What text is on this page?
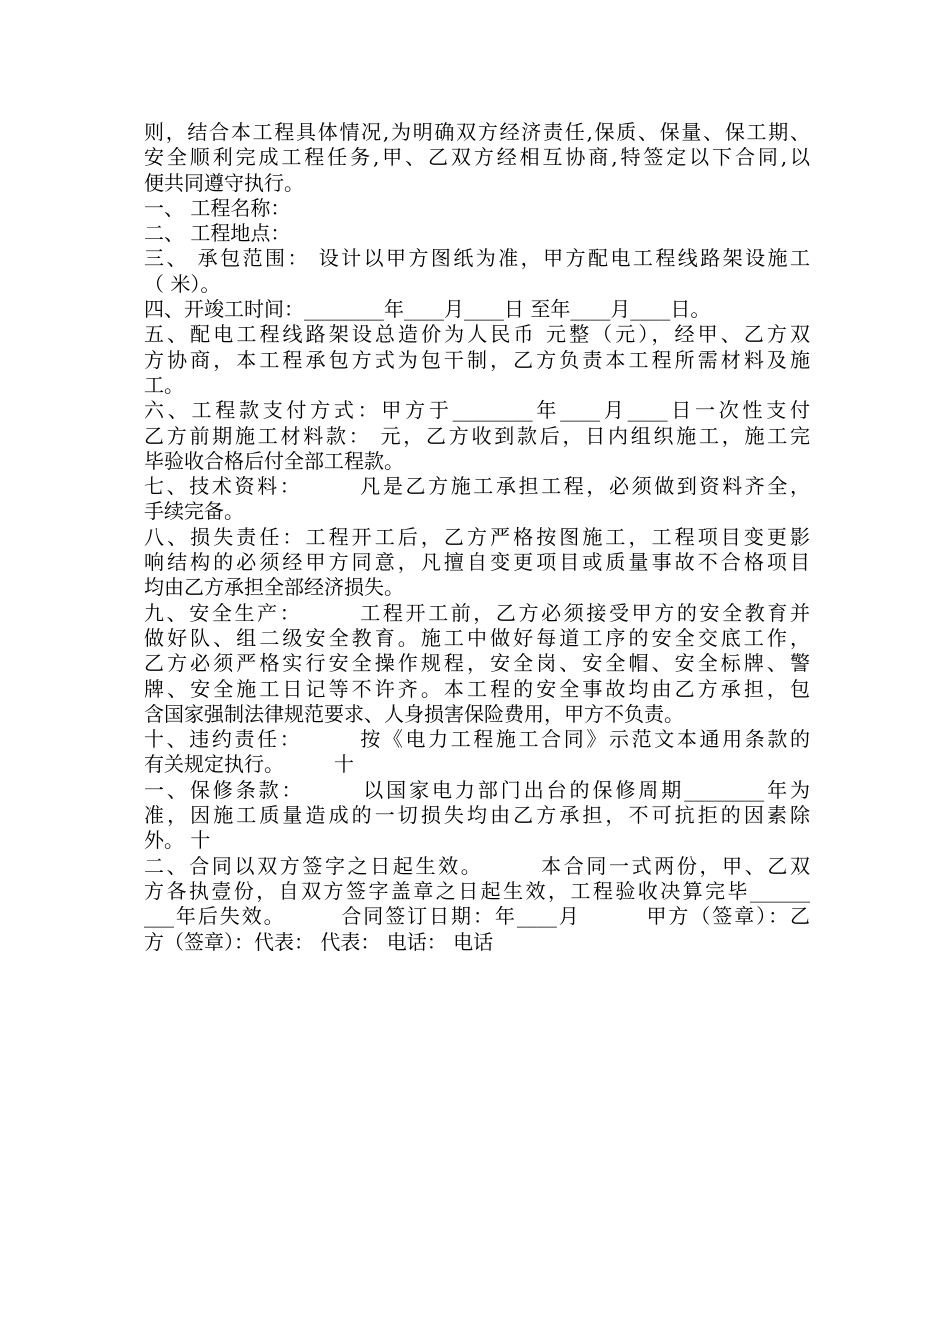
则，结合本工程具体情况,为明确双方经济责任,保质、保量、保工期、
安全顺利完成工程任务,甲、乙双方经相互协商,特签定以下合同,以
便共同遵守执行。
一、 工程名称：
二、 工程地点：
三、 承包范围： 设计以甲方图纸为准，甲方配电工程线路架设施工
（ 米）。
四、开竣工时间：________年____月____日 至年____月____日。
五、配电工程线路架设总造价为人民币 元整（元），经甲、乙方双
方协商，本工程承包方式为包干制，乙方负责本工程所需材料及施
工。
六、工程款支付方式：甲方于________年____月____日一次性支付
乙方前期施工材料款： 元，乙方收到款后，日内组织施工，施工完
毕验收合格后付全部工程款。
七、技术资料：　　　凡是乙方施工承担工程，必须做到资料齐全，
手续完备。
八、损失责任：工程开工后，乙方严格按图施工，工程项目变更影
响结构的必须经甲方同意，凡擅自变更项目或质量事故不合格项目
均由乙方承担全部经济损失。
九、安全生产：　　　工程开工前，乙方必须接受甲方的安全教育并
做好队、组二级安全教育。施工中做好每道工序的安全交底工作，
乙方必须严格实行安全操作规程，安全岗、安全帽、安全标牌、警
牌、安全施工日记等不许齐。本工程的安全事故均由乙方承担，包
含国家强制法律规范要求、人身损害保险费用，甲方不负责。
十、违约责任：　　　按《电力工程施工合同》示范文本通用条款的
有关规定执行。　　　十
一、保修条款：　　　以国家电力部门出台的保修周期________年为
准，因施工质量造成的一切损失均由乙方承担，不可抗拒的因素除
外。 十
二、合同以双方签字之日起生效。　　　本合同一式两份，甲、乙双
方各执壹份，自双方签字盖章之日起生效，工程验收决算完毕______
___年后失效。　　　合同签订日期：年____月　　　甲方（签章）：乙
方（签章）：代表： 代表： 电话： 电话
